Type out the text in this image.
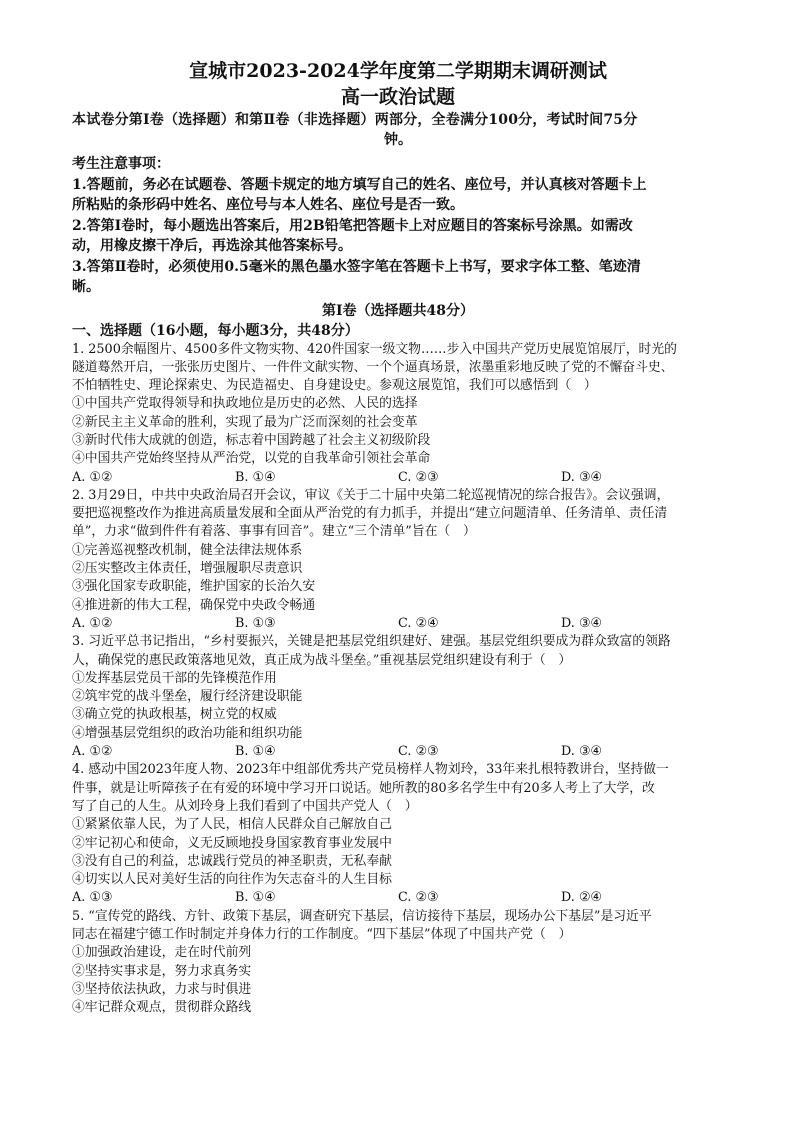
宣城市2023-2024学年度第二学期期末调研测试

高一政治试题

本试卷分第Ⅰ卷（选择题）和第Ⅱ卷（非选择题）两部分，全卷满分100分，考试时间75分

钟。

考生注意事项：

1.答题前，务必在试题卷、答题卡规定的地方填写自己的姓名、座位号，并认真核对答题卡上

所粘贴的条形码中姓名、座位号与本人姓名、座位号是否一致。

2.答第Ⅰ卷时，每小题选出答案后，用2B铅笔把答题卡上对应题目的答案标号涂黑。如需改

动，用橡皮擦干净后，再选涂其他答案标号。

3.答第Ⅱ卷时，必须使用0.5毫米的黑色墨水签字笔在答题卡上书写，要求字体工整、笔迹清

晰。

第Ⅰ卷（选择题共48分）

一、选择题（16小题，每小题3分，共48分）

1. 2500余幅图片、4500多件文物实物、420件国家一级文物……步入中国共产党历史展览馆展厅，时光的

隧道蓦然开启，一张张历史图片、一件件文献实物、一个个逼真场景，浓墨重彩地反映了党的不懈奋斗史、

不怕牺牲史、理论探索史、为民造福史、自身建设史。参观这展览馆，我们可以感悟到（　）

①中国共产党取得领导和执政地位是历史的必然、人民的选择

②新民主主义革命的胜利，实现了最为广泛而深刻的社会变革

③新时代伟大成就的创造，标志着中国跨越了社会主义初级阶段

④中国共产党始终坚持从严治党，以党的自我革命引领社会革命

A. ①②	B. ①④	C. ②③	D. ③④

2. 3月29日，中共中央政治局召开会议，审议《关于二十届中央第二轮巡视情况的综合报告》。会议强调，

要把巡视整改作为推进高质量发展和全面从严治党的有力抓手，并提出“建立问题清单、任务清单、责任清

单”，力求“做到件件有着落、事事有回音”。建立“三个清单”旨在（　）

①完善巡视整改机制，健全法律法规体系

②压实整改主体责任，增强履职尽责意识

③强化国家专政职能，维护国家的长治久安

④推进新的伟大工程，确保党中央政令畅通

A. ①②	B. ①③	C. ②④	D. ③④

3. 习近平总书记指出，“乡村要振兴，关键是把基层党组织建好、建强。基层党组织要成为群众致富的领路

人，确保党的惠民政策落地见效，真正成为战斗堡垒。”重视基层党组织建设有利于（　）

①发挥基层党员干部的先锋模范作用

②筑牢党的战斗堡垒，履行经济建设职能

③确立党的执政根基，树立党的权威

④增强基层党组织的政治功能和组织功能

A. ①②	B. ①④	C. ②③	D. ③④

4. 感动中国2023年度人物、2023年中组部优秀共产党员榜样人物刘玲，33年来扎根特教讲台，坚持做一

件事，就是让听障孩子在有爱的环境中学习开口说话。她所教的80多名学生中有20多人考上了大学，改

写了自己的人生。从刘玲身上我们看到了中国共产党人（　）

①紧紧依靠人民，为了人民，相信人民群众自己解放自己

②牢记初心和使命，义无反顾地投身国家教育事业发展中

③没有自己的利益，忠诚践行党员的神圣职责，无私奉献

④切实以人民对美好生活的向往作为矢志奋斗的人生目标

A. ①③	B. ①④	C. ②③	D. ②④

5. “宣传党的路线、方针、政策下基层，调查研究下基层，信访接待下基层，现场办公下基层”是习近平

同志在福建宁德工作时制定并身体力行的工作制度。“四下基层”体现了中国共产党（　）

①加强政治建设，走在时代前列

②坚持实事求是，努力求真务实

③坚持依法执政，力求与时俱进

④牢记群众观点，贯彻群众路线
